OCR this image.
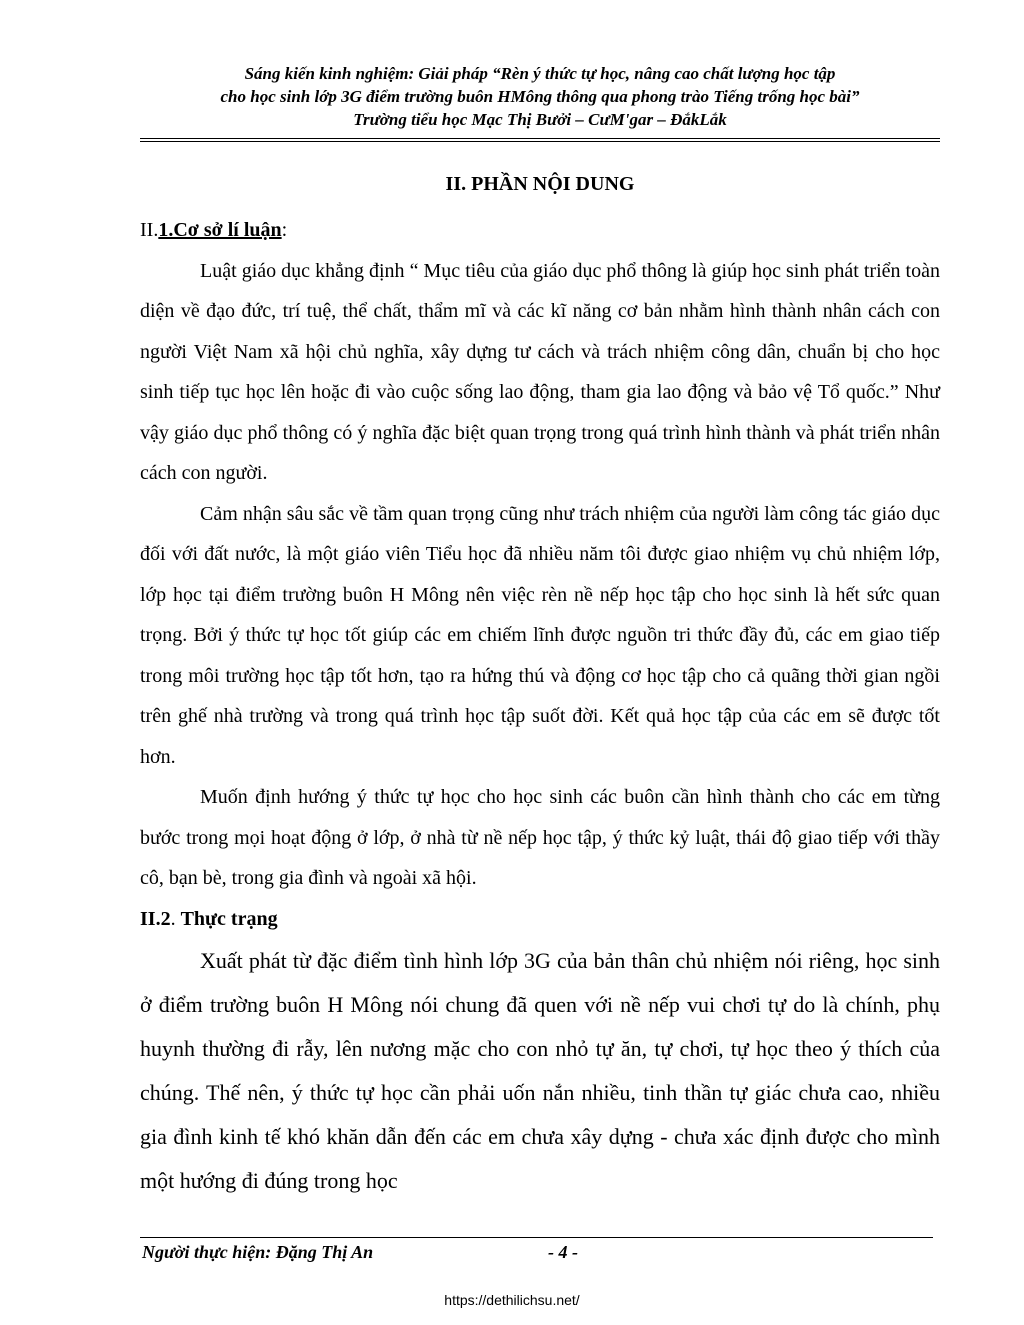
Sáng kiến kinh nghiệm: Giải pháp “Rèn ý thức tự học, nâng cao chất lượng học tập
cho học sinh lớp 3G điểm trường buôn HMông thông qua phong trào Tiếng trống học bài”
Trường tiểu học Mạc Thị Bưởi – CưM'gar – ĐắkLắk
II. PHẦN NỘI DUNG

II.1.Cơ sở lí luận:

Luật giáo dục khẳng định “ Mục tiêu của giáo dục phổ thông là giúp học sinh phát triển toàn diện về đạo đức, trí tuệ, thể chất, thẩm mĩ và các kĩ năng cơ bản nhằm hình thành nhân cách con người Việt Nam xã hội chủ nghĩa, xây dựng tư cách và trách nhiệm công dân, chuẩn bị cho học sinh tiếp tục học lên hoặc đi vào cuộc sống lao động, tham gia lao động và bảo vệ Tổ quốc.” Như vậy giáo dục phổ thông có ý nghĩa đặc biệt quan trọng trong quá trình hình thành và phát triển nhân cách con người.

Cảm nhận sâu sắc về tầm quan trọng cũng như trách nhiệm của người làm công tác giáo dục đối với đất nước, là một giáo viên Tiểu học đã nhiều năm tôi được giao nhiệm vụ chủ nhiệm lớp, lớp học tại điểm trường buôn H Mông nên việc rèn nề nếp học tập cho học sinh là hết sức quan trọng. Bởi ý thức tự học tốt giúp các em chiếm lĩnh được nguồn tri thức đầy đủ, các em giao tiếp trong môi trường học tập tốt hơn, tạo ra hứng thú và động cơ học tập cho cả quãng thời gian ngồi trên ghế nhà trường và trong quá trình học tập suốt đời. Kết quả học tập của các em sẽ được tốt hơn.

Muốn định hướng ý thức tự học cho học sinh các buôn cần hình thành cho các em từng bước trong mọi hoạt động ở lớp, ở nhà từ nề nếp học tập, ý thức kỷ luật, thái độ giao tiếp với thầy cô, bạn bè, trong gia đình và ngoài xã hội.

II.2. Thực trạng

Xuất phát từ đặc điểm tình hình lớp 3G của bản thân chủ nhiệm nói riêng, học sinh ở điểm trường buôn H Mông nói chung đã quen với nề nếp vui chơi tự do là chính, phụ huynh thường đi rẫy, lên nương mặc cho con nhỏ tự ăn, tự chơi, tự học theo ý thích của chúng. Thế nên, ý thức tự học cần phải uốn nắn nhiều, tinh thần tự giác chưa cao, nhiều gia đình kinh tế khó khăn dẫn đến các em chưa xây dựng - chưa xác định được cho mình một hướng đi đúng trong học

Người thực hiện: Đặng Thị An	- 4 -
https://dethilichsu.net/
